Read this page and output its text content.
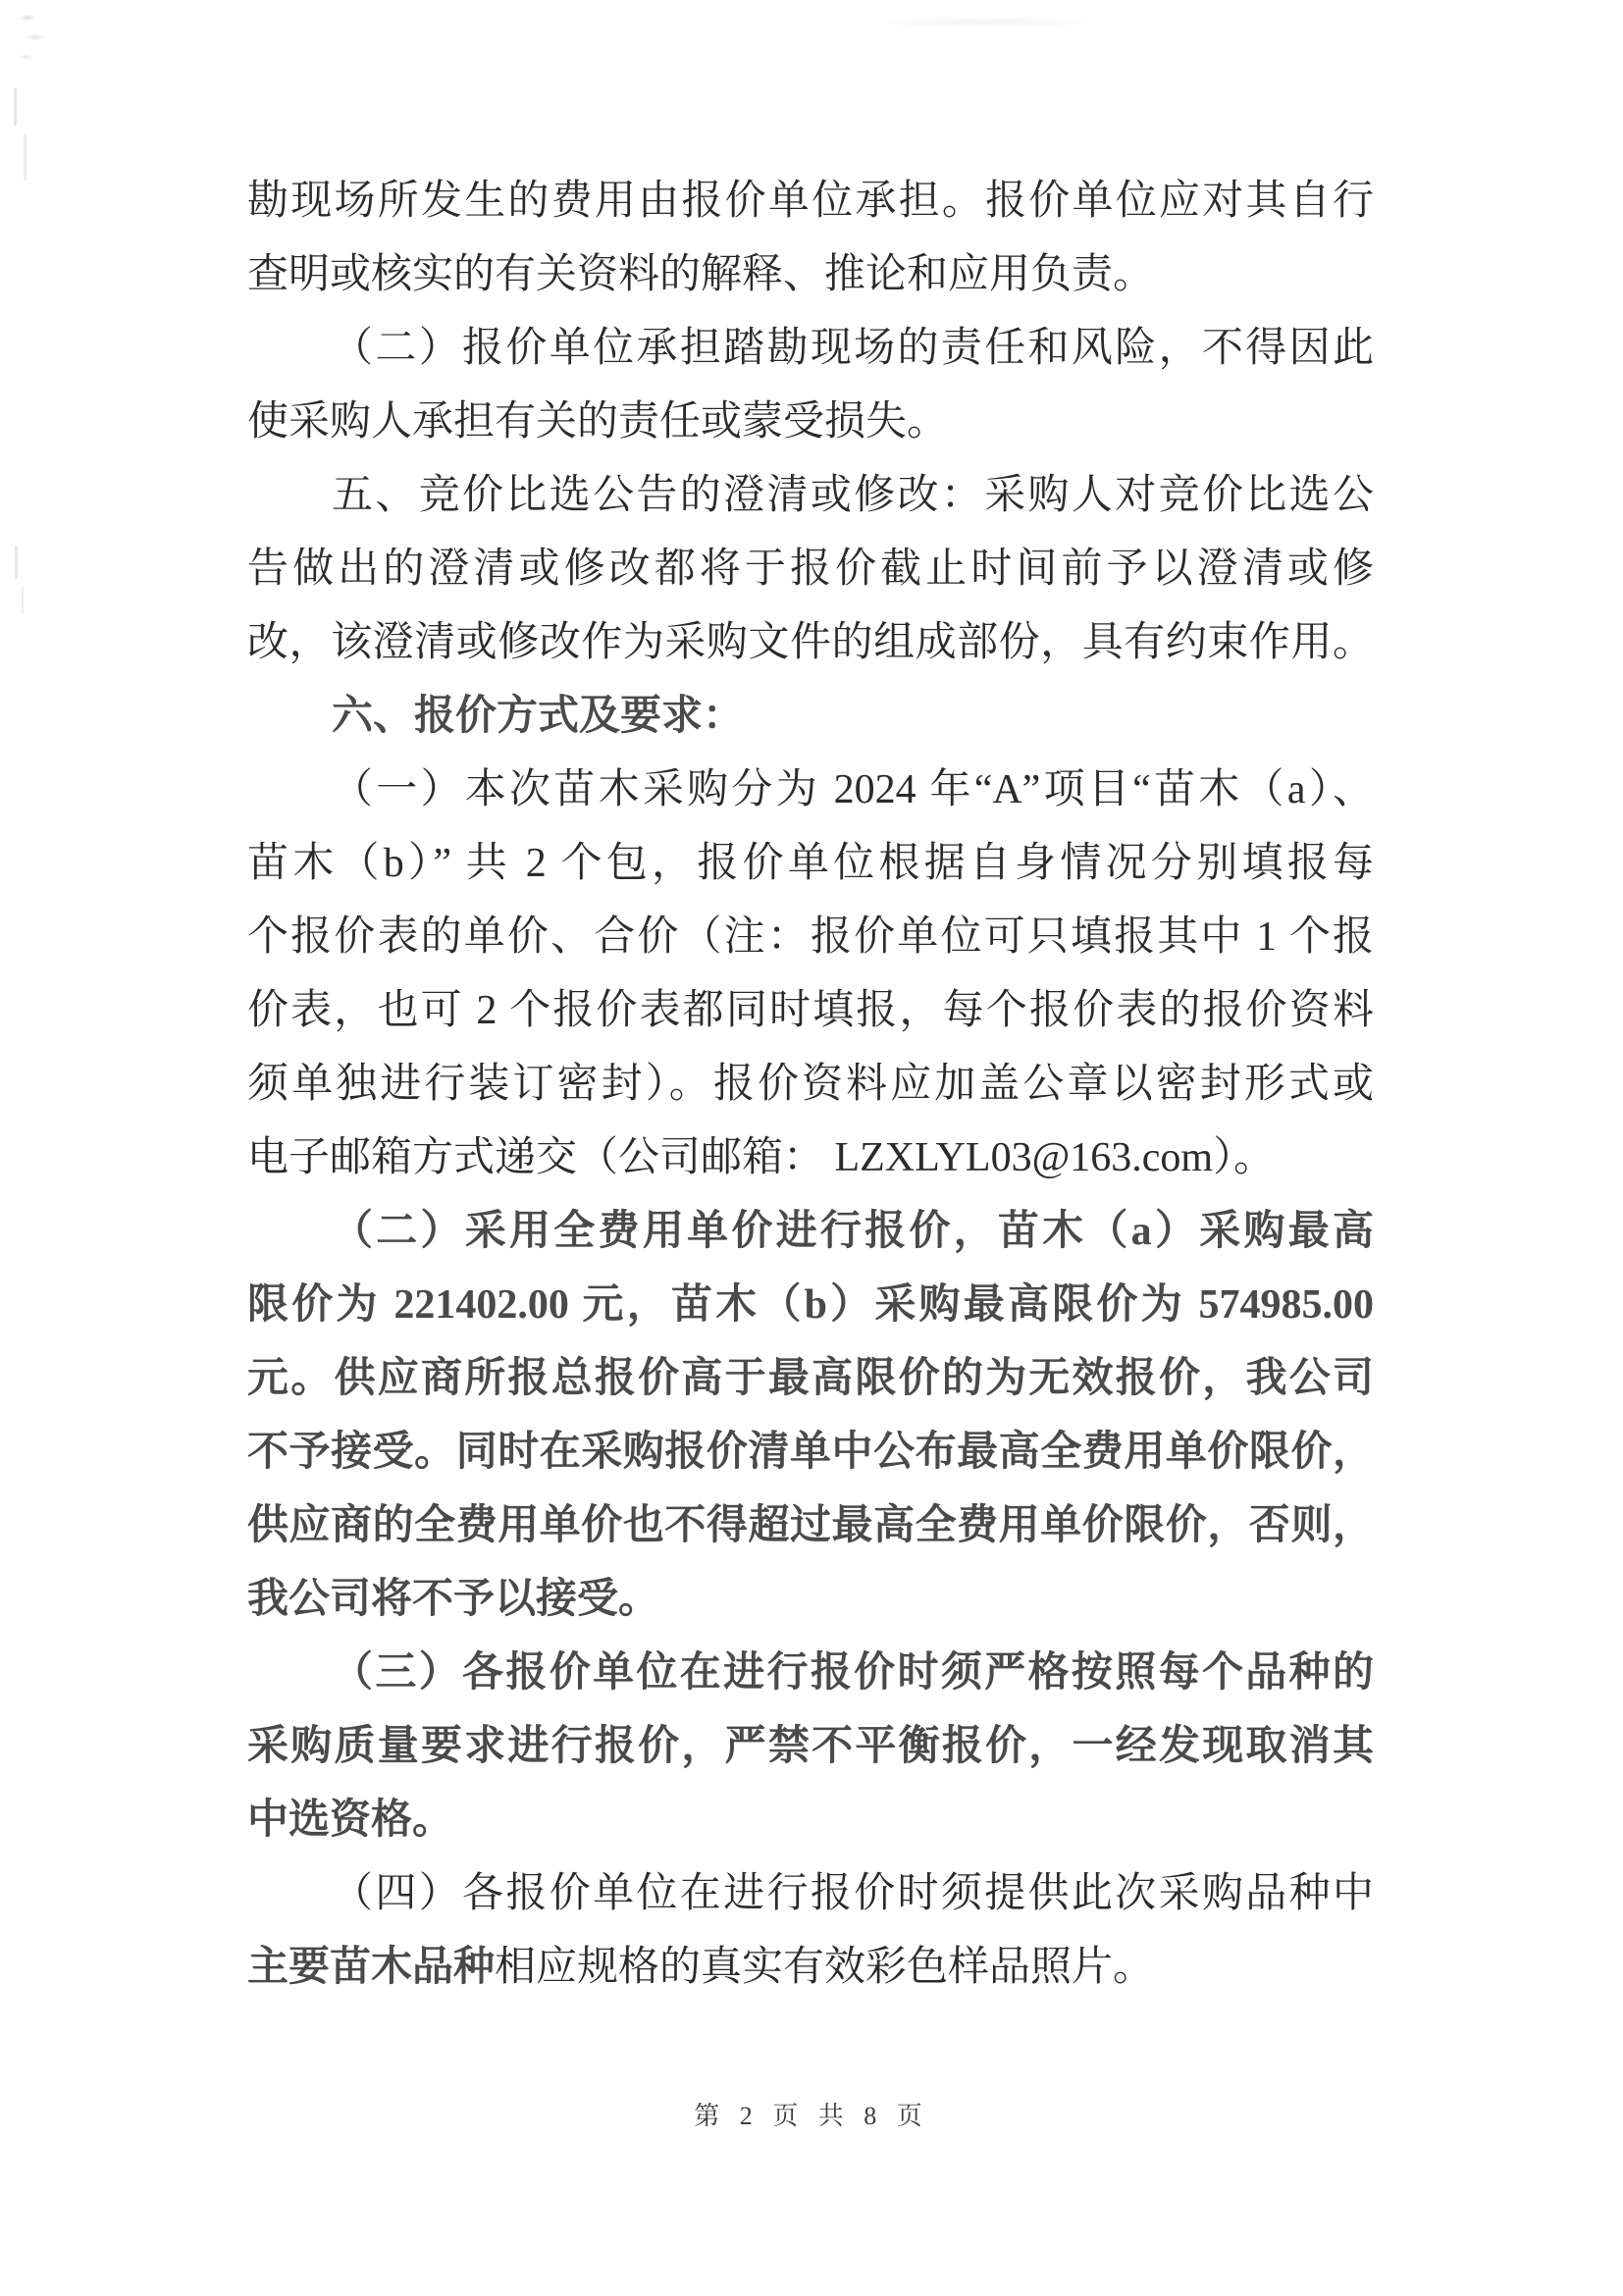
勘现场所发生的费用由报价单位承担。报价单位应对其自行
查明或核实的有关资料的解释、推论和应用负责。
（二）报价单位承担踏勘现场的责任和风险，不得因此
使采购人承担有关的责任或蒙受损失。
五、竞价比选公告的澄清或修改：采购人对竞价比选公
告做出的澄清或修改都将于报价截止时间前予以澄清或修
改，该澄清或修改作为采购文件的组成部份，具有约束作用。
六、报价方式及要求：
（一）本次苗木采购分为 2024 年“A”项目“苗木（a）、
苗木（b）” 共 2 个包，报价单位根据自身情况分别填报每
个报价表的单价、合价（注：报价单位可只填报其中 1 个报
价表，也可 2 个报价表都同时填报，每个报价表的报价资料
须单独进行装订密封）。报价资料应加盖公章以密封形式或
电子邮箱方式递交（公司邮箱： LZXLYL03@163.com）。
（二）采用全费用单价进行报价，苗木（a）采购最高
限价为 221402.00 元，苗木（b）采购最高限价为 574985.00
元。供应商所报总报价高于最高限价的为无效报价，我公司
不予接受。同时在采购报价清单中公布最高全费用单价限价，
供应商的全费用单价也不得超过最高全费用单价限价，否则，
我公司将不予以接受。
（三）各报价单位在进行报价时须严格按照每个品种的
采购质量要求进行报价，严禁不平衡报价，一经发现取消其
中选资格。
（四）各报价单位在进行报价时须提供此次采购品种中
主要苗木品种相应规格的真实有效彩色样品照片。
第 2 页 共 8 页
